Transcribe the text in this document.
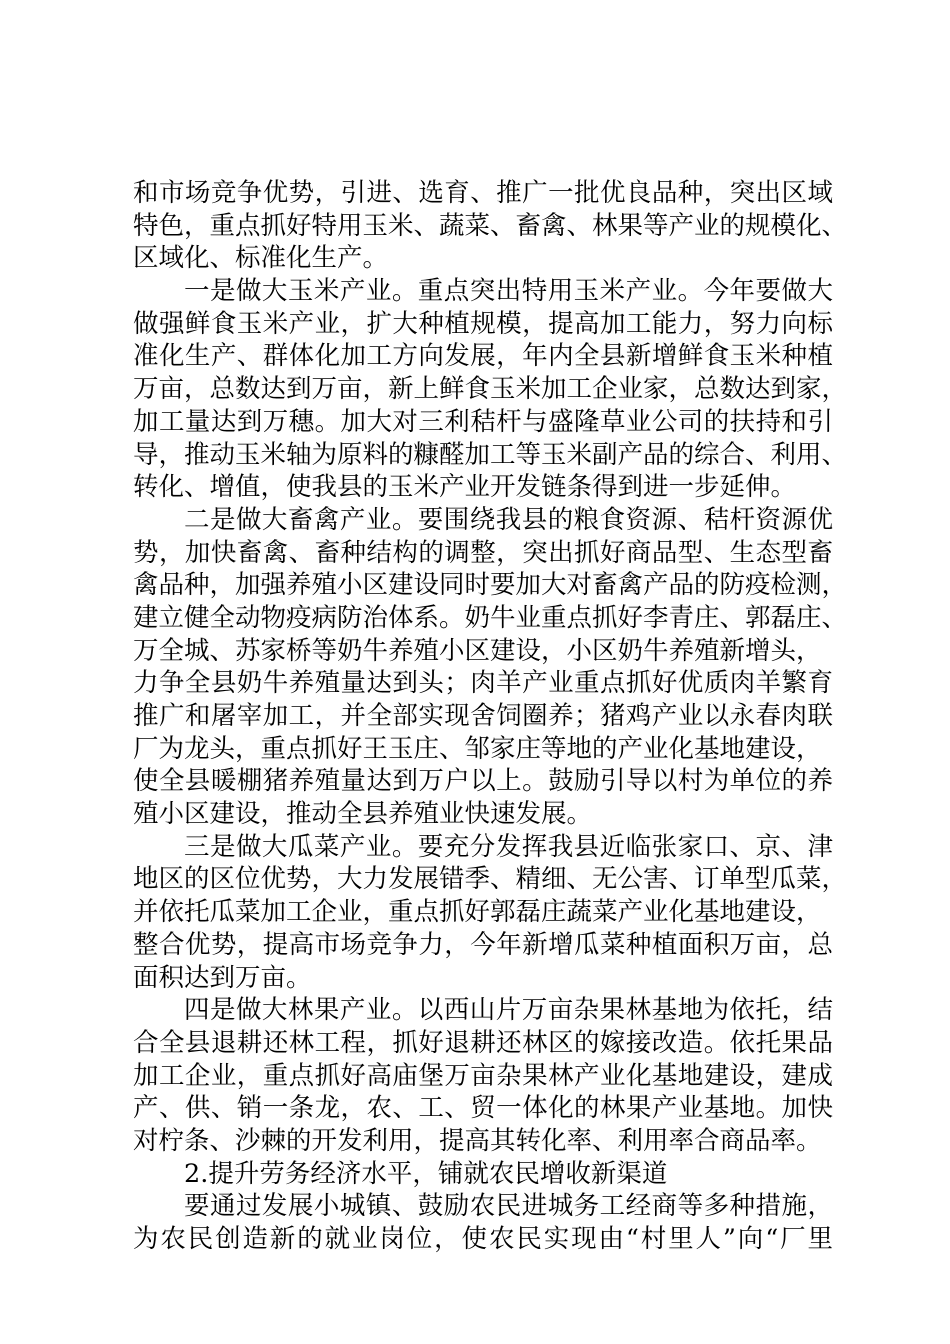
和市场竞争优势，引进、选育、推广一批优良品种，突出区域
特色，重点抓好特用玉米、蔬菜、畜禽、林果等产业的规模化、
区域化、标准化生产。
一是做大玉米产业。重点突出特用玉米产业。今年要做大
做强鲜食玉米产业，扩大种植规模，提高加工能力，努力向标
准化生产、群体化加工方向发展，年内全县新增鲜食玉米种植
万亩，总数达到万亩，新上鲜食玉米加工企业家，总数达到家，
加工量达到万穗。加大对三利秸杆与盛隆草业公司的扶持和引
导，推动玉米轴为原料的糠醛加工等玉米副产品的综合、利用、
转化、增值，使我县的玉米产业开发链条得到进一步延伸。
二是做大畜禽产业。要围绕我县的粮食资源、秸杆资源优
势，加快畜禽、畜种结构的调整，突出抓好商品型、生态型畜
禽品种，加强养殖小区建设同时要加大对畜禽产品的防疫检测，
建立健全动物疫病防治体系。奶牛业重点抓好李青庄、郭磊庄、
万全城、苏家桥等奶牛养殖小区建设，小区奶牛养殖新增头，
力争全县奶牛养殖量达到头；肉羊产业重点抓好优质肉羊繁育
推广和屠宰加工，并全部实现舍饲圈养；猪鸡产业以永春肉联
厂为龙头，重点抓好王玉庄、邹家庄等地的产业化基地建设，
使全县暖棚猪养殖量达到万户以上。鼓励引导以村为单位的养
殖小区建设，推动全县养殖业快速发展。
三是做大瓜菜产业。要充分发挥我县近临张家口、京、津
地区的区位优势，大力发展错季、精细、无公害、订单型瓜菜，
并依托瓜菜加工企业，重点抓好郭磊庄蔬菜产业化基地建设，
整合优势，提高市场竞争力，今年新增瓜菜种植面积万亩，总
面积达到万亩。
四是做大林果产业。以西山片万亩杂果林基地为依托，结
合全县退耕还林工程，抓好退耕还林区的嫁接改造。依托果品
加工企业，重点抓好高庙堡万亩杂果林产业化基地建设，建成
产、供、销一条龙，农、工、贸一体化的林果产业基地。加快
对柠条、沙棘的开发利用，提高其转化率、利用率合商品率。
2.提升劳务经济水平，铺就农民增收新渠道
要通过发展小城镇、鼓励农民进城务工经商等多种措施，
为农民创造新的就业岗位，使农民实现由“村里人”向“厂里
